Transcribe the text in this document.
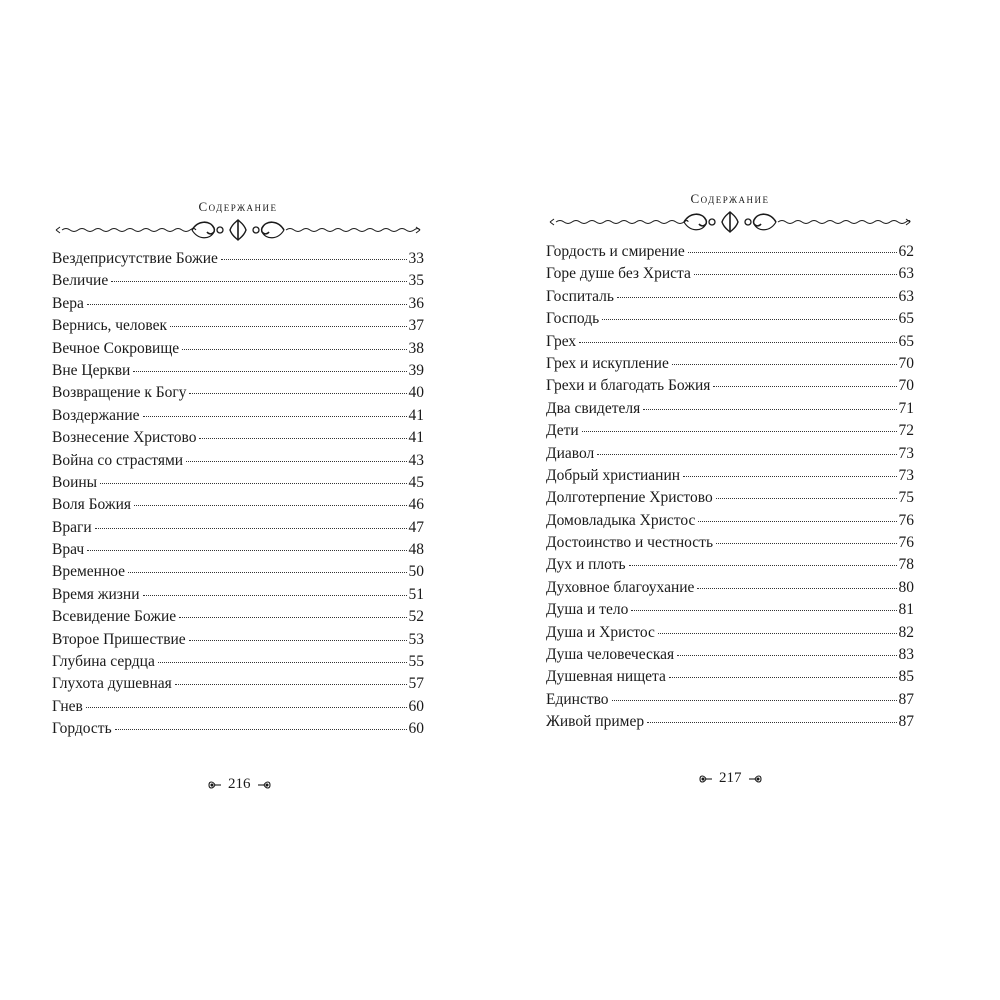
Содержание
Вездеприсутствие Божие	33
Величие	35
Вера	36
Вернись, человек	37
Вечное Сокровище	38
Вне Церкви	39
Возвращение к Богу	40
Воздержание	41
Вознесение Христово	41
Война со страстями	43
Воины	45
Воля Божия	46
Враги	47
Врач	48
Временное	50
Время жизни	51
Всевидение Божие	52
Второе Пришествие	53
Глубина сердца	55
Глухота душевная	57
Гнев	60
Гордость	60
216
Содержание
Гордость и смирение	62
Горе душе без Христа	63
Госпиталь	63
Господь	65
Грех	65
Грех и искупление	70
Грехи и благодать Божия	70
Два свидетеля	71
Дети	72
Диавол	73
Добрый христианин	73
Долготерпение Христово	75
Домовладыка Христос	76
Достоинство и честность	76
Дух и плоть	78
Духовное благоухание	80
Душа и тело	81
Душа и Христос	82
Душа человеческая	83
Душевная нищета	85
Единство	87
Живой пример	87
217
